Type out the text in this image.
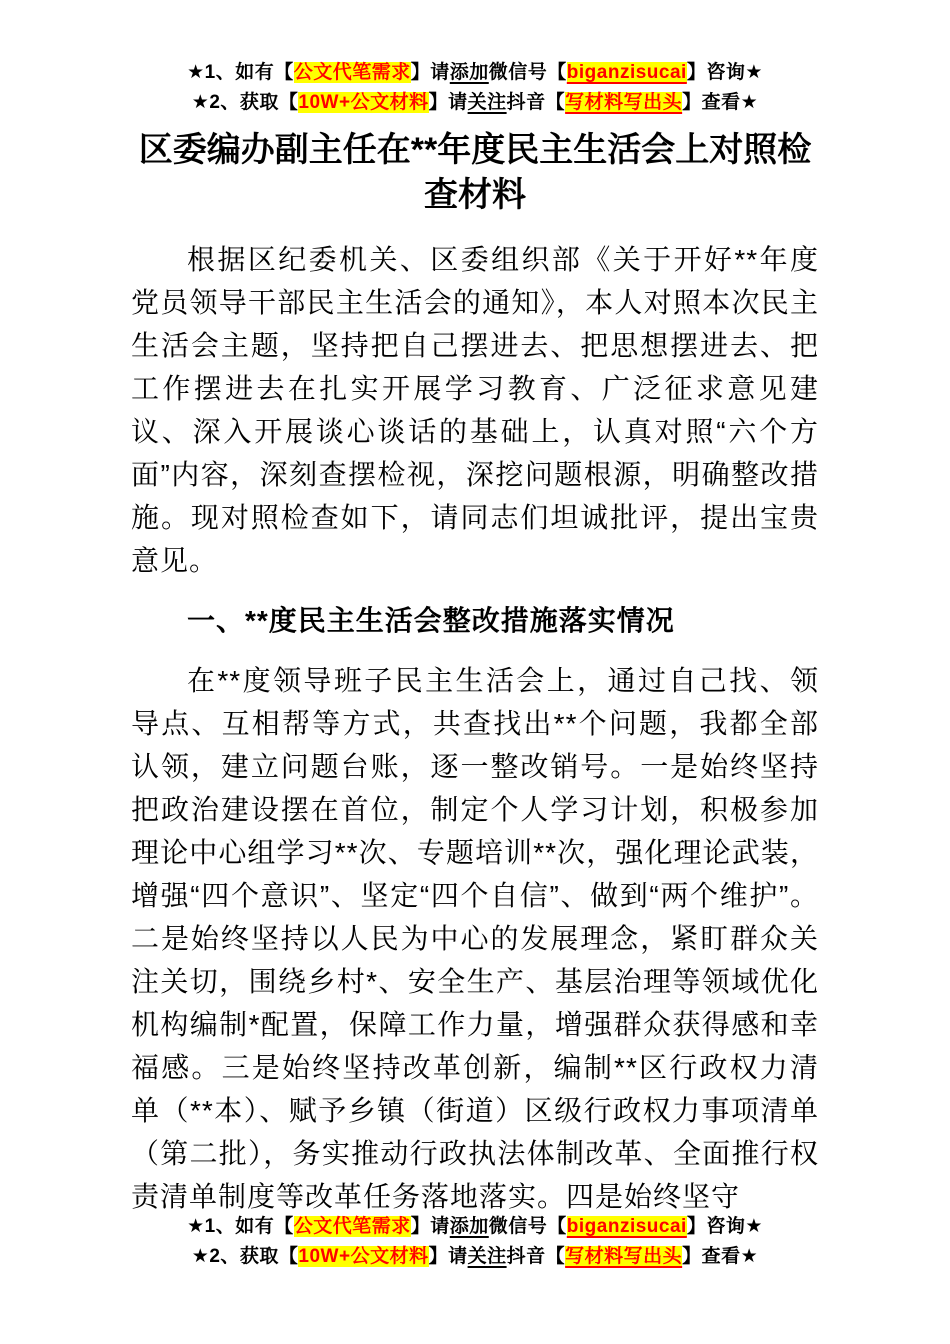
★1、如有【公文代笔需求】请添加微信号【biganzisucai】咨询★
★2、获取【10W+公文材料】请关注抖音【写材料写出头】查看★
区委编办副主任在**年度民主生活会上对照检查材料

根据区纪委机关、区委组织部《关于开好**年度党员领导干部民主生活会的通知》，本人对照本次民主生活会主题，坚持把自己摆进去、把思想摆进去、把工作摆进去在扎实开展学习教育、广泛征求意见建议、深入开展谈心谈话的基础上，认真对照“六个方面”内容，深刻查摆检视，深挖问题根源，明确整改措施。现对照检查如下，请同志们坦诚批评，提出宝贵意见。

一、**度民主生活会整改措施落实情况

在**度领导班子民主生活会上，通过自己找、领导点、互相帮等方式，共查找出**个问题，我都全部认领，建立问题台账，逐一整改销号。一是始终坚持把政治建设摆在首位，制定个人学习计划，积极参加理论中心组学习**次、专题培训**次，强化理论武装，增强“四个意识”、坚定“四个自信”、做到“两个维护”。二是始终坚持以人民为中心的发展理念，紧盯群众关注关切，围绕乡村*、安全生产、基层治理等领域优化机构编制*配置，保障工作力量，增强群众获得感和幸福感。三是始终坚持改革创新，编制**区行政权力清单（**本）、赋予乡镇（街道）区级行政权力事项清单（第二批），务实推动行政执法体制改革、全面推行权责清单制度等改革任务落地落实。四是始终坚守

★1、如有【公文代笔需求】请添加微信号【biganzisucai】咨询★
★2、获取【10W+公文材料】请关注抖音【写材料写出头】查看★
